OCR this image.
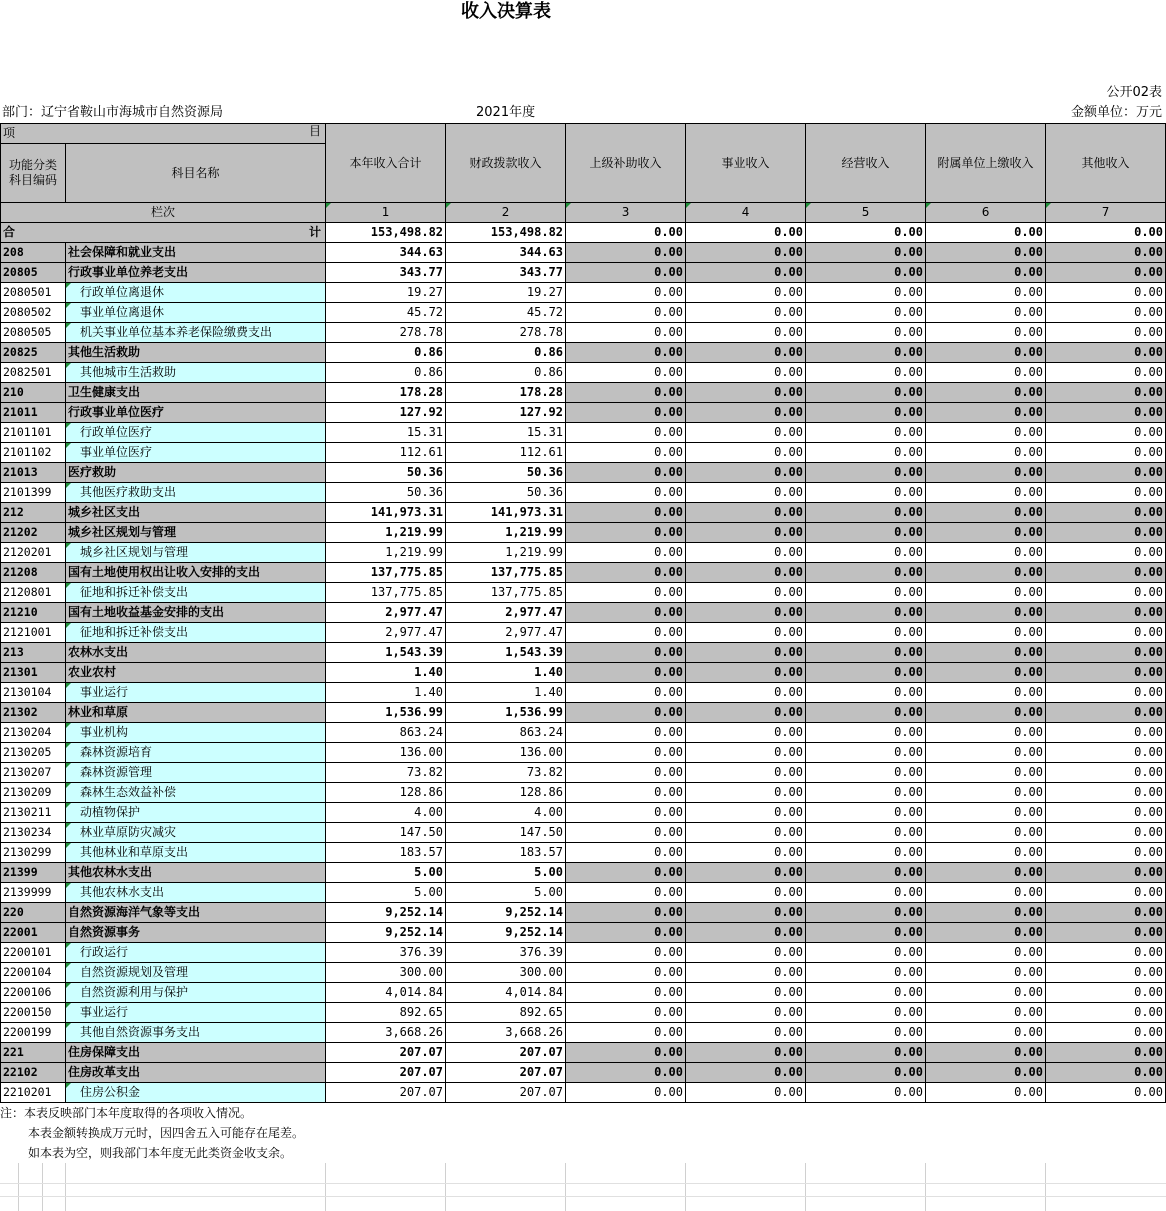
收入决算表
公开02表
部门：辽宁省鞍山市海城市自然资源局	2021年度	金额单位：万元
项 目		本年收入合计	财政拨款收入	上级补助收入	事业收入	经营收入	附属单位上缴收入	其他收入
功能分类
科目编码	科目名称							
栏次		1	2	3	4	5	6	7
合 计		153,498.82	153,498.82	0.00	0.00	0.00	0.00	0.00
208	社会保障和就业支出	344.63	344.63	0.00	0.00	0.00	0.00	0.00
20805	行政事业单位养老支出	343.77	343.77	0.00	0.00	0.00	0.00	0.00
2080501	行政单位离退休	19.27	19.27	0.00	0.00	0.00	0.00	0.00
2080502	事业单位离退休	45.72	45.72	0.00	0.00	0.00	0.00	0.00
2080505	机关事业单位基本养老保险缴费支出	278.78	278.78	0.00	0.00	0.00	0.00	0.00
20825	其他生活救助	0.86	0.86	0.00	0.00	0.00	0.00	0.00
2082501	其他城市生活救助	0.86	0.86	0.00	0.00	0.00	0.00	0.00
210	卫生健康支出	178.28	178.28	0.00	0.00	0.00	0.00	0.00
21011	行政事业单位医疗	127.92	127.92	0.00	0.00	0.00	0.00	0.00
2101101	行政单位医疗	15.31	15.31	0.00	0.00	0.00	0.00	0.00
2101102	事业单位医疗	112.61	112.61	0.00	0.00	0.00	0.00	0.00
21013	医疗救助	50.36	50.36	0.00	0.00	0.00	0.00	0.00
2101399	其他医疗救助支出	50.36	50.36	0.00	0.00	0.00	0.00	0.00
212	城乡社区支出	141,973.31	141,973.31	0.00	0.00	0.00	0.00	0.00
21202	城乡社区规划与管理	1,219.99	1,219.99	0.00	0.00	0.00	0.00	0.00
2120201	城乡社区规划与管理	1,219.99	1,219.99	0.00	0.00	0.00	0.00	0.00
21208	国有土地使用权出让收入安排的支出	137,775.85	137,775.85	0.00	0.00	0.00	0.00	0.00
2120801	征地和拆迁补偿支出	137,775.85	137,775.85	0.00	0.00	0.00	0.00	0.00
21210	国有土地收益基金安排的支出	2,977.47	2,977.47	0.00	0.00	0.00	0.00	0.00
2121001	征地和拆迁补偿支出	2,977.47	2,977.47	0.00	0.00	0.00	0.00	0.00
213	农林水支出	1,543.39	1,543.39	0.00	0.00	0.00	0.00	0.00
21301	农业农村	1.40	1.40	0.00	0.00	0.00	0.00	0.00
2130104	事业运行	1.40	1.40	0.00	0.00	0.00	0.00	0.00
21302	林业和草原	1,536.99	1,536.99	0.00	0.00	0.00	0.00	0.00
2130204	事业机构	863.24	863.24	0.00	0.00	0.00	0.00	0.00
2130205	森林资源培育	136.00	136.00	0.00	0.00	0.00	0.00	0.00
2130207	森林资源管理	73.82	73.82	0.00	0.00	0.00	0.00	0.00
2130209	森林生态效益补偿	128.86	128.86	0.00	0.00	0.00	0.00	0.00
2130211	动植物保护	4.00	4.00	0.00	0.00	0.00	0.00	0.00
2130234	林业草原防灾减灾	147.50	147.50	0.00	0.00	0.00	0.00	0.00
2130299	其他林业和草原支出	183.57	183.57	0.00	0.00	0.00	0.00	0.00
21399	其他农林水支出	5.00	5.00	0.00	0.00	0.00	0.00	0.00
2139999	其他农林水支出	5.00	5.00	0.00	0.00	0.00	0.00	0.00
220	自然资源海洋气象等支出	9,252.14	9,252.14	0.00	0.00	0.00	0.00	0.00
22001	自然资源事务	9,252.14	9,252.14	0.00	0.00	0.00	0.00	0.00
2200101	行政运行	376.39	376.39	0.00	0.00	0.00	0.00	0.00
2200104	自然资源规划及管理	300.00	300.00	0.00	0.00	0.00	0.00	0.00
2200106	自然资源利用与保护	4,014.84	4,014.84	0.00	0.00	0.00	0.00	0.00
2200150	事业运行	892.65	892.65	0.00	0.00	0.00	0.00	0.00
2200199	其他自然资源事务支出	3,668.26	3,668.26	0.00	0.00	0.00	0.00	0.00
221	住房保障支出	207.07	207.07	0.00	0.00	0.00	0.00	0.00
22102	住房改革支出	207.07	207.07	0.00	0.00	0.00	0.00	0.00
2210201	住房公积金	207.07	207.07	0.00	0.00	0.00	0.00	0.00
注：本表反映部门本年度取得的各项收入情况。
本表金额转换成万元时，因四舍五入可能存在尾差。
如本表为空，则我部门本年度无此类资金收支余。
